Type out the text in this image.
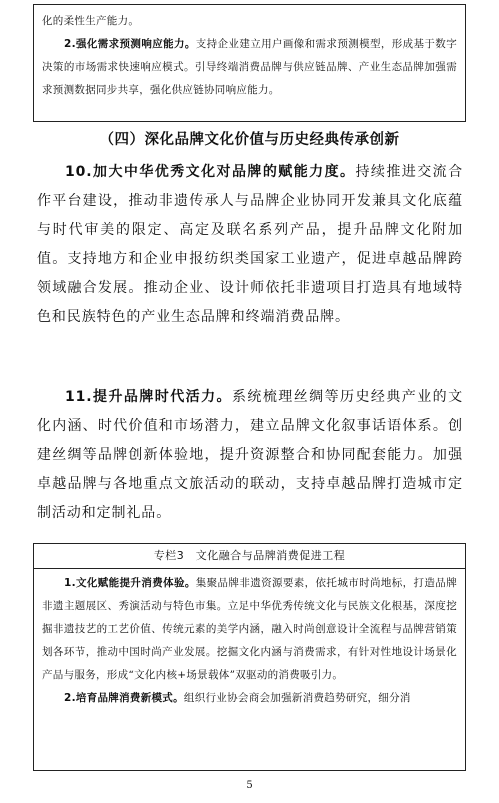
化的柔性生产能力。

2.强化需求预测响应能力。支持企业建立用户画像和需求预测模型，形成基于数字决策的市场需求快速响应模式。引导终端消费品牌与供应链品牌、产业生态品牌加强需求预测数据同步共享，强化供应链协同响应能力。

（四）深化品牌文化价值与历史经典传承创新

10.加大中华优秀文化对品牌的赋能力度。持续推进交流合作平台建设，推动非遗传承人与品牌企业协同开发兼具文化底蕴与时代审美的限定、高定及联名系列产品，提升品牌文化附加值。支持地方和企业申报纺织类国家工业遗产，促进卓越品牌跨领域融合发展。推动企业、设计师依托非遗项目打造具有地域特色和民族特色的产业生态品牌和终端消费品牌。

11.提升品牌时代活力。系统梳理丝绸等历史经典产业的文化内涵、时代价值和市场潜力，建立品牌文化叙事话语体系。创建丝绸等品牌创新体验地，提升资源整合和协同配套能力。加强卓越品牌与各地重点文旅活动的联动，支持卓越品牌打造城市定制活动和定制礼品。

专栏3　文化融合与品牌消费促进工程

1.文化赋能提升消费体验。集聚品牌非遗资源要素，依托城市时尚地标，打造品牌非遗主题展区、秀演活动与特色市集。立足中华优秀传统文化与民族文化根基，深度挖掘非遗技艺的工艺价值、传统元素的美学内涵，融入时尚创意设计全流程与品牌营销策划各环节，推动中国时尚产业发展。挖掘文化内涵与消费需求，有针对性地设计场景化产品与服务，形成“文化内核+场景载体”双驱动的消费吸引力。

2.培育品牌消费新模式。组织行业协会商会加强新消费趋势研究，细分消

5
